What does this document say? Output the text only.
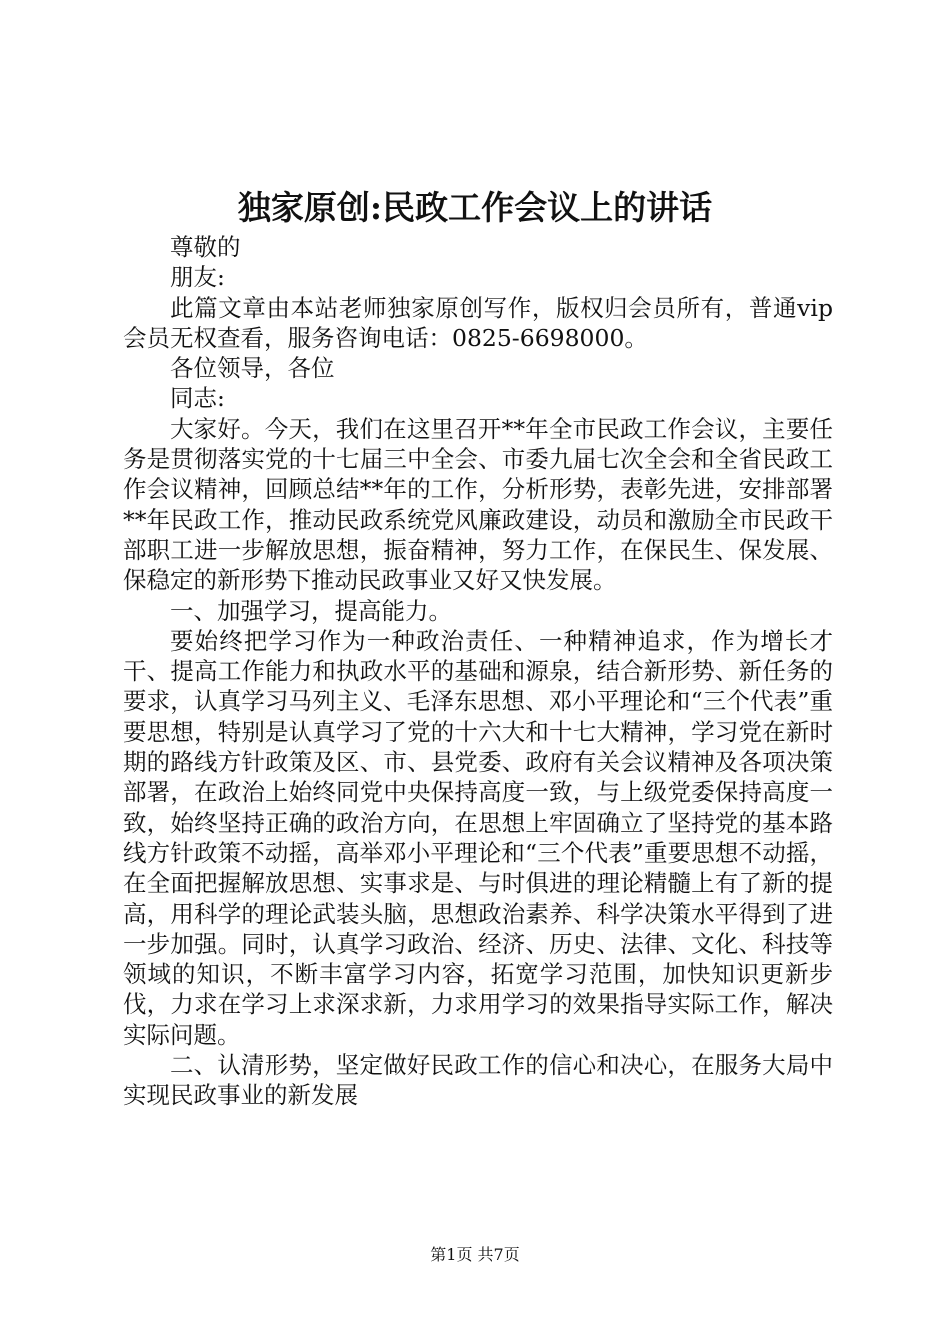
独家原创:民政工作会议上的讲话

尊敬的

朋友:

此篇文章由本站老师独家原创写作，版权归会员所有，普通vip会员无权查看，服务咨询电话：0825-6698000。

各位领导，各位

同志:

大家好。今天，我们在这里召开**年全市民政工作会议，主要任务是贯彻落实党的十七届三中全会、市委九届七次全会和全省民政工作会议精神，回顾总结**年的工作，分析形势，表彰先进，安排部署**年民政工作，推动民政系统党风廉政建设，动员和激励全市民政干部职工进一步解放思想，振奋精神，努力工作，在保民生、保发展、保稳定的新形势下推动民政事业又好又快发展。

一、加强学习，提高能力。

要始终把学习作为一种政治责任、一种精神追求，作为增长才干、提高工作能力和执政水平的基础和源泉，结合新形势、新任务的要求，认真学习马列主义、毛泽东思想、邓小平理论和“三个代表”重要思想，特别是认真学习了党的十六大和十七大精神，学习党在新时期的路线方针政策及区、市、县党委、政府有关会议精神及各项决策部署，在政治上始终同党中央保持高度一致，与上级党委保持高度一致，始终坚持正确的政治方向，在思想上牢固确立了坚持党的基本路线方针政策不动摇，高举邓小平理论和“三个代表”重要思想不动摇，在全面把握解放思想、实事求是、与时俱进的理论精髓上有了新的提高，用科学的理论武装头脑，思想政治素养、科学决策水平得到了进一步加强。同时，认真学习政治、经济、历史、法律、文化、科技等领域的知识，不断丰富学习内容，拓宽学习范围，加快知识更新步伐，力求在学习上求深求新，力求用学习的效果指导实际工作，解决实际问题。

二、认清形势，坚定做好民政工作的信心和决心，在服务大局中实现民政事业的新发展

第1页 共7页
